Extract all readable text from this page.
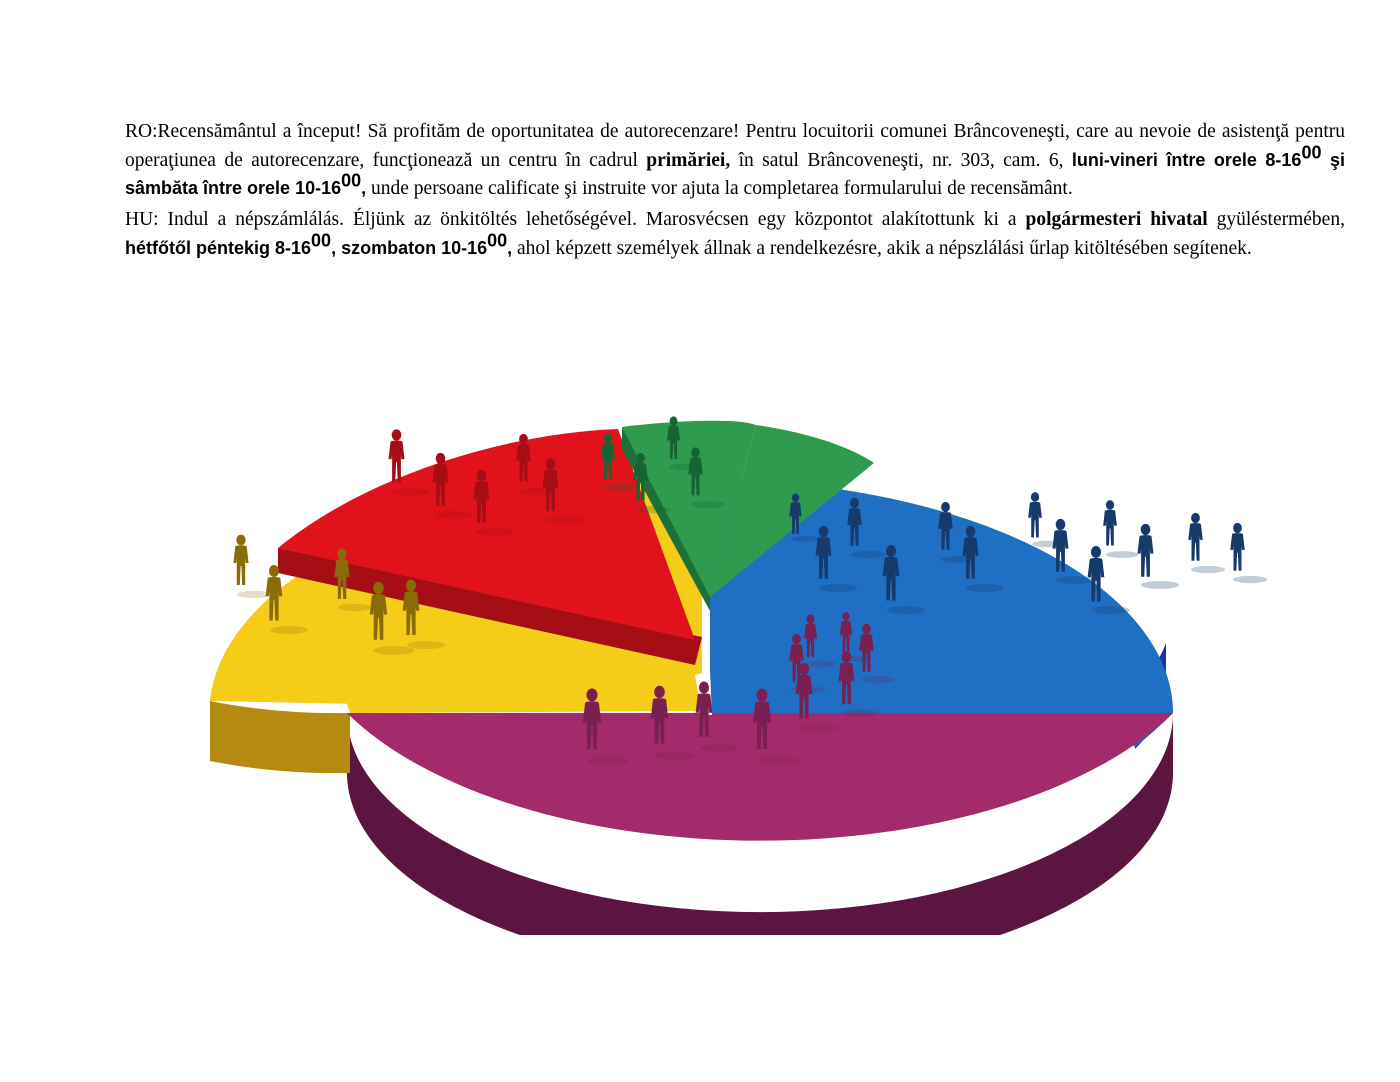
RO:Recensământul a început! Să profităm de oportunitatea de autorecenzare! Pentru locuitorii comunei Brâncoveneşti, care au nevoie de asistenţă pentru operaţiunea de autorecenzare, funcţionează un centru în cadrul primăriei, în satul Brâncoveneşti, nr. 303, cam. 6, luni-vineri între orele $8-16^{00}$ şi sâmbăta între orele $10-16^{00}$, unde persoane calificate şi instruite vor ajuta la completarea formularului de recensământ.

HU: Indul a népszámlálás. Éljünk az önkitöltés lehetőségével. Marosvécsen egy központot alakítottunk ki a polgármesteri hivatal gyüléstermében, hétfőtől péntekig $8-16^{00}$, szombaton $10-16^{00}$, ahol képzett személyek állnak a rendelkezésre, akik a népszlálási űrlap kitöltésében segítenek.
